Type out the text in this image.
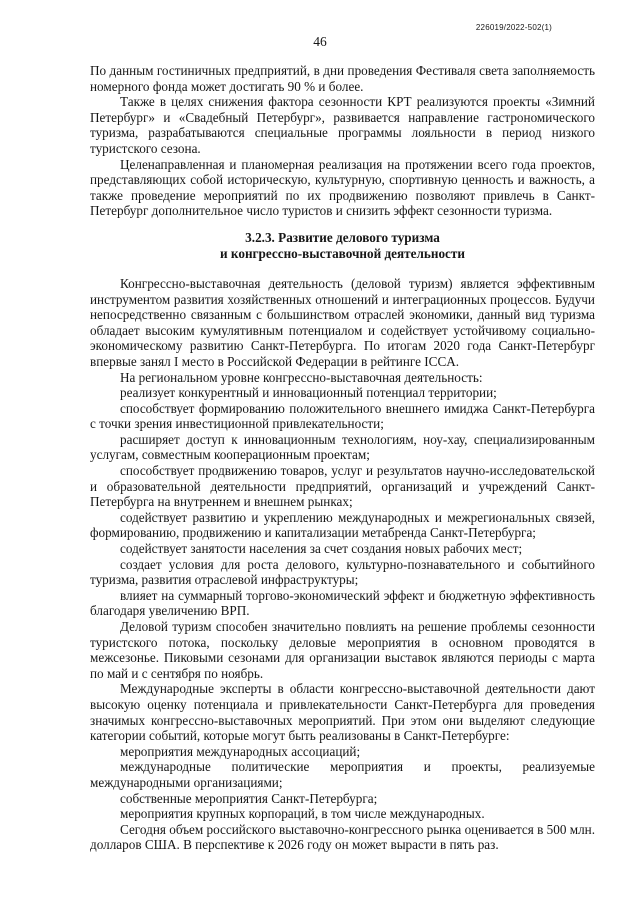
226019/2022-502(1)
46

По данным гостиничных предприятий, в дни проведения Фестиваля света заполняемость номерного фонда может достигать 90 % и более.

Также в целях снижения фактора сезонности КРТ реализуются проекты «Зимний Петербург» и «Свадебный Петербург», развивается направление гастрономического туризма, разрабатываются специальные программы лояльности в период низкого туристского сезона.

Целенаправленная и планомерная реализация на протяжении всего года проектов, представляющих собой историческую, культурную, спортивную ценность и важность, а также проведение мероприятий по их продвижению позволяют привлечь в Санкт-Петербург дополнительное число туристов и снизить эффект сезонности туризма.

3.2.3. Развитие делового туризма
и конгрессно-выставочной деятельности

Конгрессно-выставочная деятельность (деловой туризм) является эффективным инструментом развития хозяйственных отношений и интеграционных процессов. Будучи непосредственно связанным с большинством отраслей экономики, данный вид туризма обладает высоким кумулятивным потенциалом и содействует устойчивому социально-экономическому развитию Санкт-Петербурга. По итогам 2020 года Санкт-Петербург впервые занял I место в Российской Федерации в рейтинге ICCA.

На региональном уровне конгрессно-выставочная деятельность:

реализует конкурентный и инновационный потенциал территории;

способствует формированию положительного внешнего имиджа Санкт-Петербурга с точки зрения инвестиционной привлекательности;

расширяет доступ к инновационным технологиям, ноу-хау, специализированным услугам, совместным кооперационным проектам;

способствует продвижению товаров, услуг и результатов научно-исследовательской и образовательной деятельности предприятий, организаций и учреждений Санкт-Петербурга на внутреннем и внешнем рынках;

содействует развитию и укреплению международных и межрегиональных связей, формированию, продвижению и капитализации метабренда Санкт-Петербурга;

содействует занятости населения за счет создания новых рабочих мест;

создает условия для роста делового, культурно-познавательного и событийного туризма, развития отраслевой инфраструктуры;

влияет на суммарный торгово-экономический эффект и бюджетную эффективность благодаря увеличению ВРП.

Деловой туризм способен значительно повлиять на решение проблемы сезонности туристского потока, поскольку деловые мероприятия в основном проводятся в межсезонье. Пиковыми сезонами для организации выставок являются периоды с марта по май и с сентября по ноябрь.

Международные эксперты в области конгрессно-выставочной деятельности дают высокую оценку потенциала и привлекательности Санкт-Петербурга для проведения значимых конгрессно-выставочных мероприятий. При этом они выделяют следующие категории событий, которые могут быть реализованы в Санкт-Петербурге:

мероприятия международных ассоциаций;

международные политические мероприятия и проекты, реализуемые международными организациями;

собственные мероприятия Санкт-Петербурга;

мероприятия крупных корпораций, в том числе международных.

Сегодня объем российского выставочно-конгрессного рынка оценивается в 500 млн. долларов США. В перспективе к 2026 году он может вырасти в пять раз.
